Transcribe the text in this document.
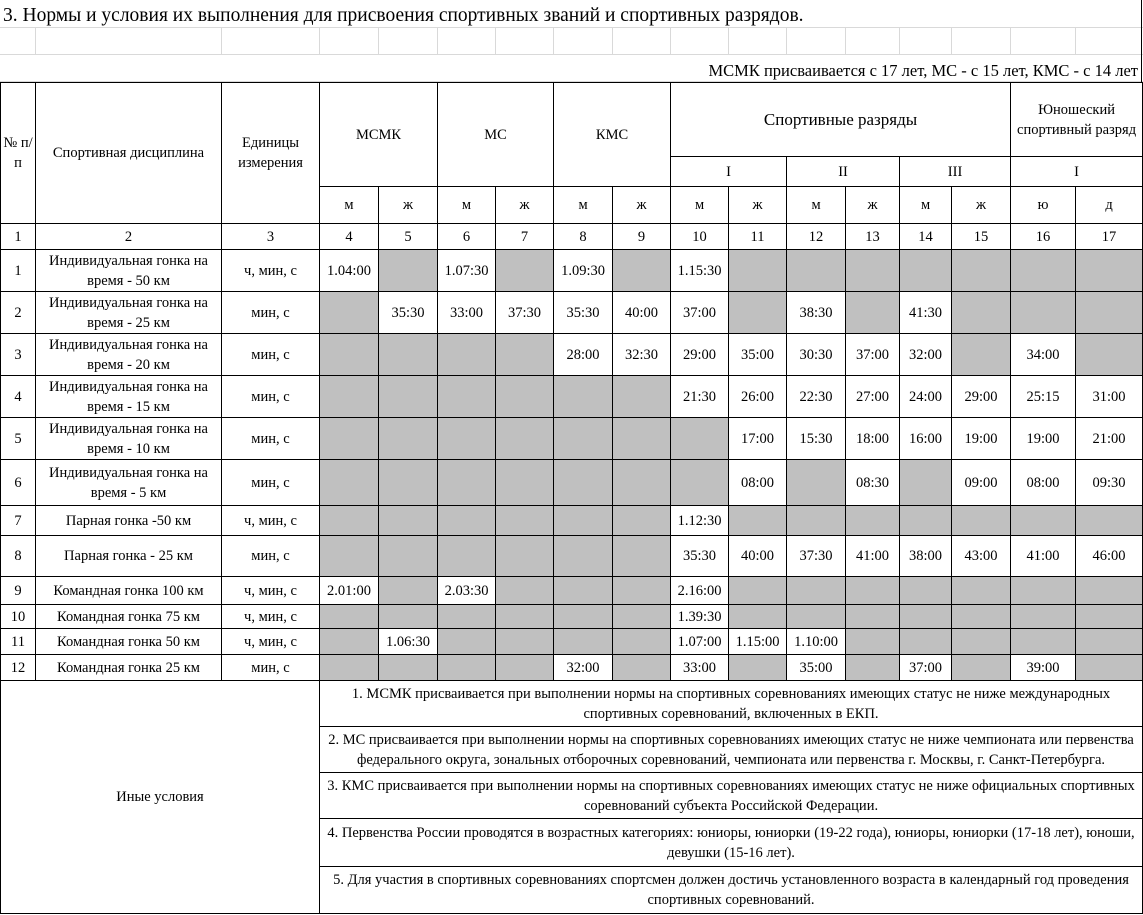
3. Нормы и условия их выполнения для присвоения спортивных званий и спортивных разрядов.
МСМК присваивается с 17 лет, МС - с 15 лет, КМС - с 14 лет
№ п/п	Спортивная дисциплина	Единицы измерения	МСМК		МС		КМС		Спортивные разряды						Юношеский спортивный разряд	
									I		II		III		I	
			м	ж	м	ж	м	ж	м	ж	м	ж	м	ж	ю	д
1	2	3	4	5	6	7	8	9	10	11	12	13	14	15	16	17
1	Индивидуальная гонка на время - 50 км	ч, мин, с	1.04:00		1.07:30		1.09:30		1.15:30							
2	Индивидуальная гонка на время - 25 км	мин, с		35:30	33:00	37:30	35:30	40:00	37:00		38:30		41:30			
3	Индивидуальная гонка на время - 20 км	мин, с					28:00	32:30	29:00	35:00	30:30	37:00	32:00		34:00	
4	Индивидуальная гонка на время - 15 км	мин, с							21:30	26:00	22:30	27:00	24:00	29:00	25:15	31:00
5	Индивидуальная гонка на время - 10 км	мин, с								17:00	15:30	18:00	16:00	19:00	19:00	21:00
6	Индивидуальная гонка на время - 5 км	мин, с								08:00		08:30		09:00	08:00	09:30
7	Парная гонка -50 км	ч, мин, с							1.12:30							
8	Парная гонка - 25 км	мин, с							35:30	40:00	37:30	41:00	38:00	43:00	41:00	46:00
9	Командная гонка 100 км	ч, мин, с	2.01:00		2.03:30				2.16:00							
10	Командная гонка 75 км	ч, мин, с							1.39:30							
11	Командная гонка 50 км	ч, мин, с		1.06:30					1.07:00	1.15:00	1.10:00					
12	Командная гонка 25 км	мин, с					32:00		33:00		35:00		37:00		39:00	
Иные условия			1. МСМК присваивается при выполнении нормы на спортивных соревнованиях имеющих статус не ниже международных спортивных соревнований, включенных в ЕКП.													
			2. МС присваивается при выполнении нормы на спортивных соревнованиях имеющих статус не ниже чемпионата или первенства федерального округа, зональных отборочных соревнований, чемпионата или первенства г. Москвы, г. Санкт-Петербурга.													
			3. КМС присваивается при выполнении нормы на спортивных соревнованиях имеющих статус не ниже официальных спортивных соревнований субъекта Российской Федерации.													
			4. Первенства России проводятся в возрастных категориях: юниоры, юниорки (19-22 года), юниоры, юниорки (17-18 лет), юноши, девушки (15-16 лет).													
			5. Для участия в спортивных соревнованиях спортсмен должен достичь установленного возраста в календарный год проведения спортивных соревнований.													
